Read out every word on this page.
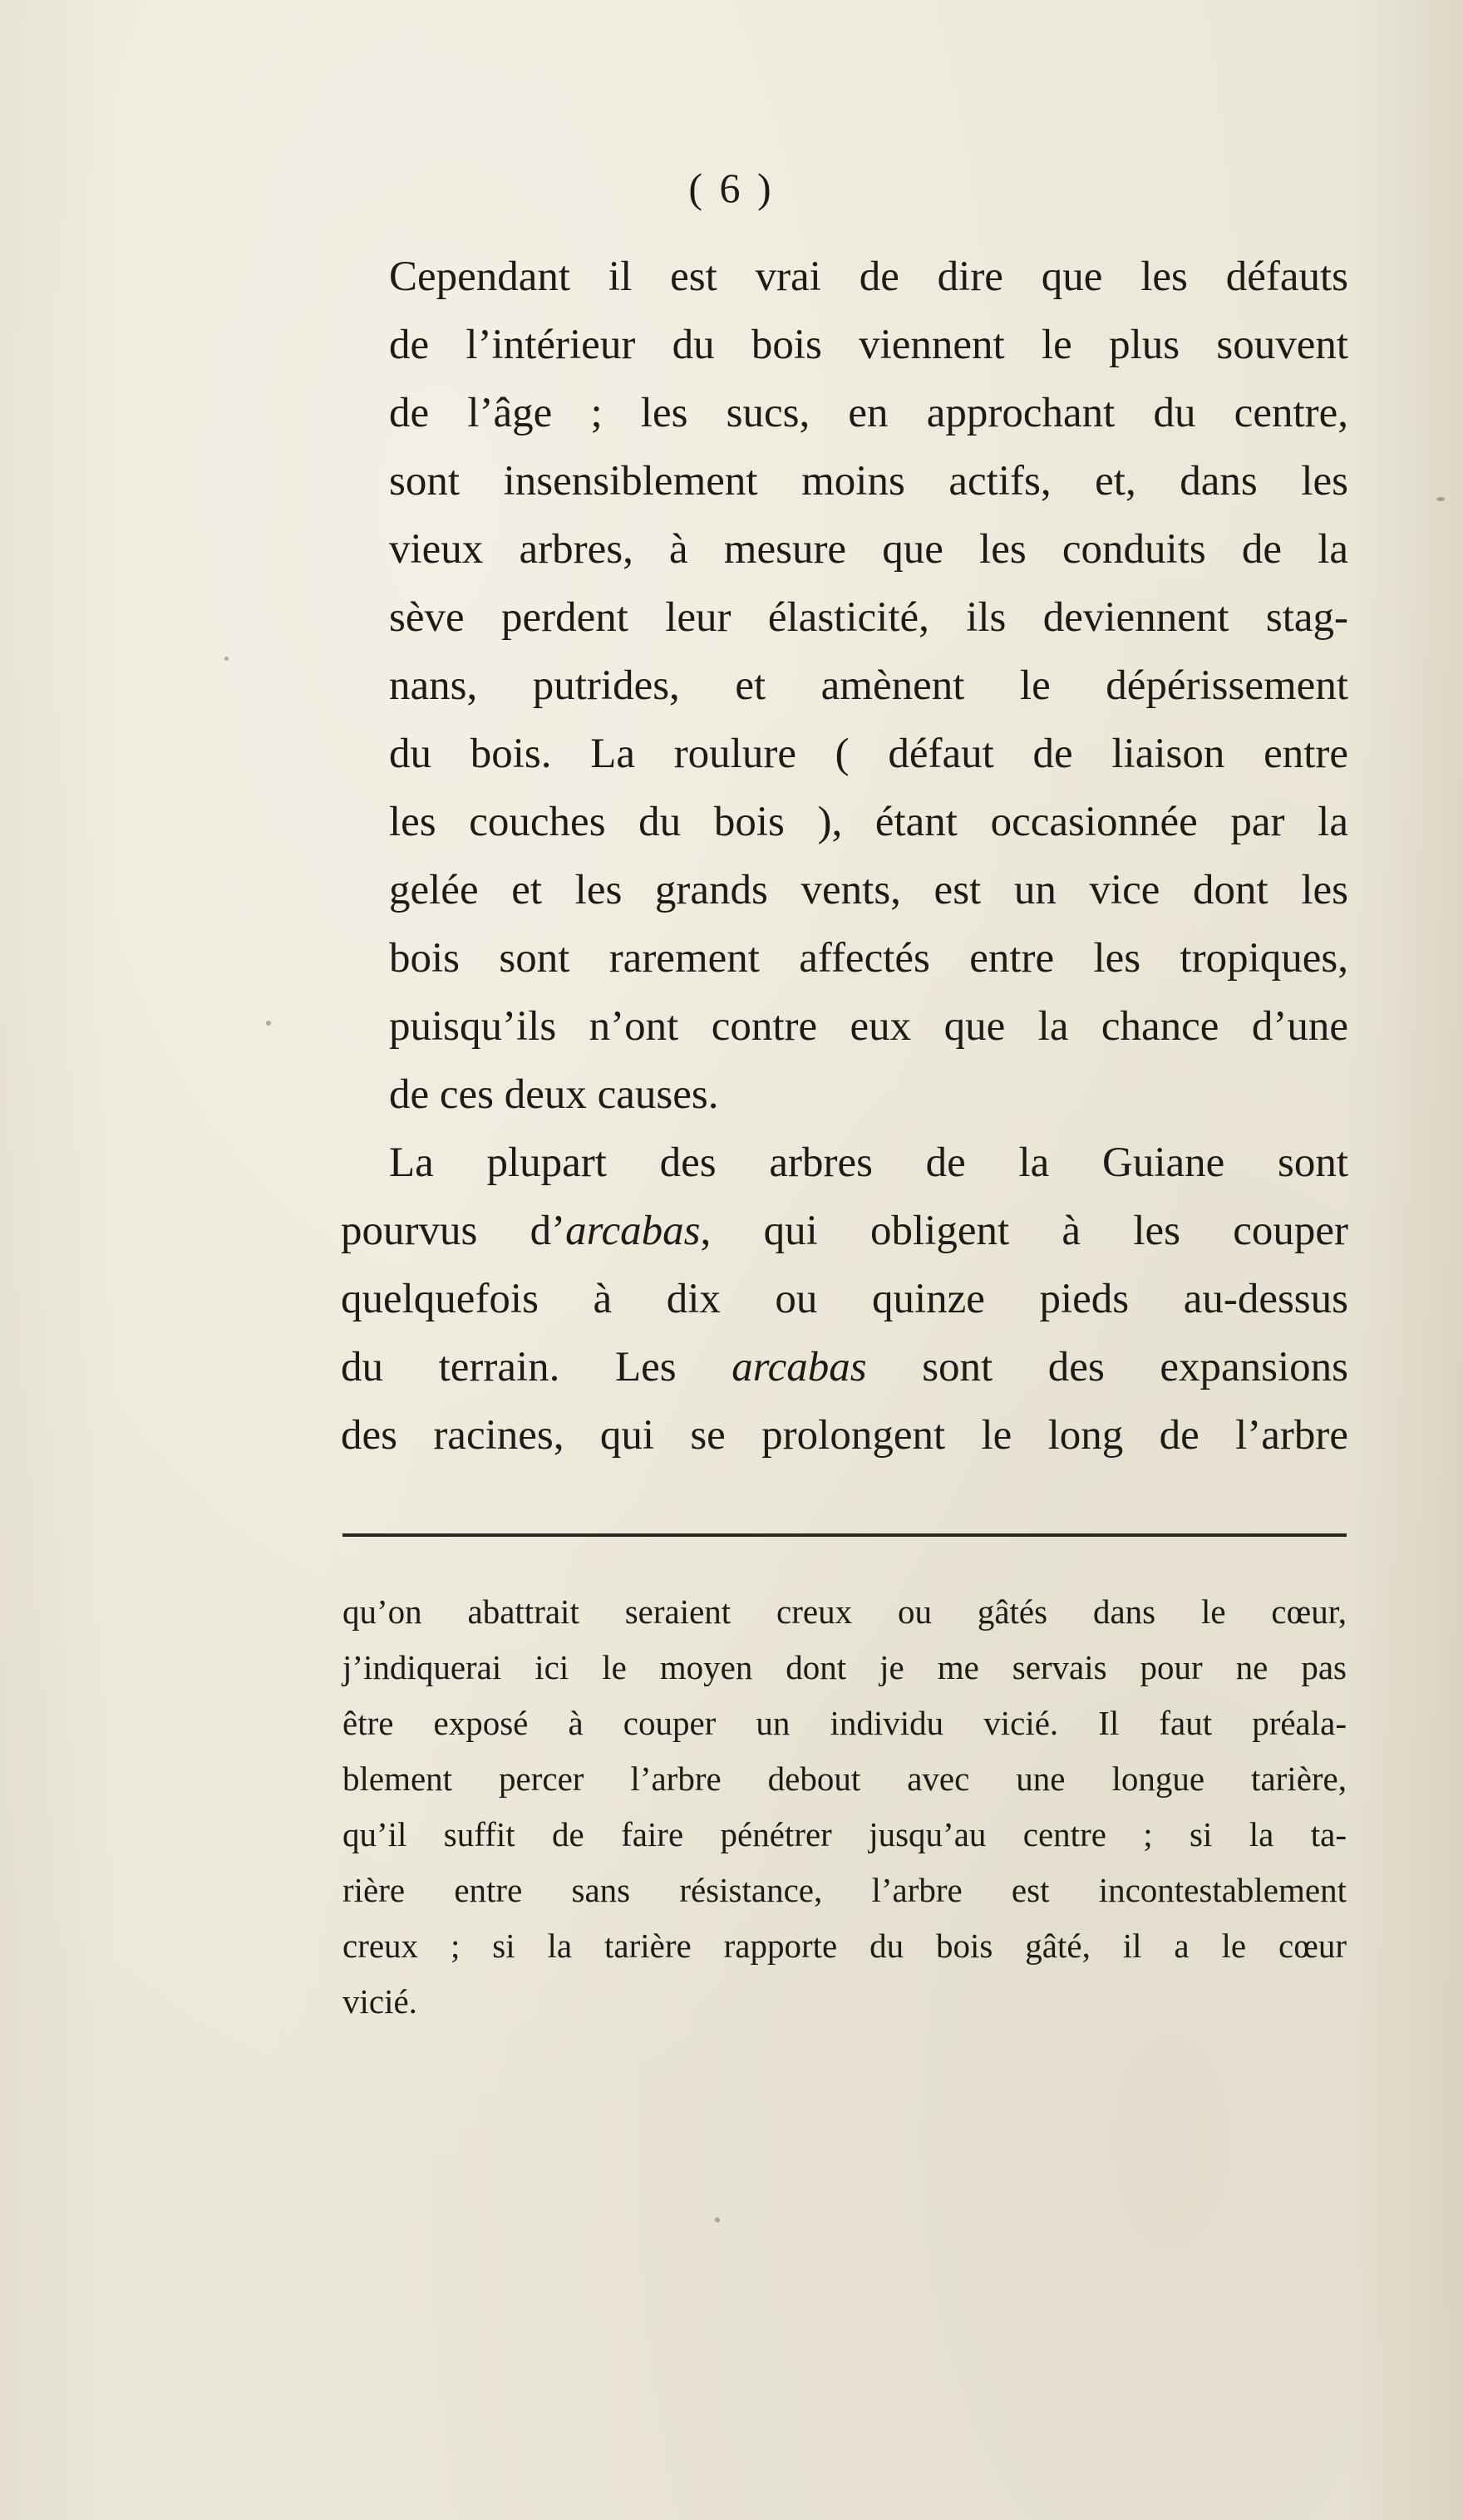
( 6 )

Cependant il est vrai de dire que les défauts
de l’intérieur du bois viennent le plus souvent
de l’âge ; les sucs, en approchant du centre,
sont insensiblement moins actifs, et, dans les
vieux arbres, à mesure que les conduits de la
sève perdent leur élasticité, ils deviennent stag-
nans, putrides, et amènent le dépérissement
du bois. La roulure ( défaut de liaison entre
les couches du bois ), étant occasionnée par la
gelée et les grands vents, est un vice dont les
bois sont rarement affectés entre les tropiques,
puisqu’ils n’ont contre eux que la chance d’une
de ces deux causes.

La plupart des arbres de la Guiane sont
pourvus d’arcabas, qui obligent à les couper
quelquefois à dix ou quinze pieds au-dessus
du terrain. Les arcabas sont des expansions
des racines, qui se prolongent le long de l’arbre

qu’on abattrait seraient creux ou gâtés dans le cœur,
j’indiquerai ici le moyen dont je me servais pour ne pas
être exposé à couper un individu vicié. Il faut préala-
blement percer l’arbre debout avec une longue tarière,
qu’il suffit de faire pénétrer jusqu’au centre ; si la ta-
rière entre sans résistance, l’arbre est incontestablement
creux ; si la tarière rapporte du bois gâté, il a le cœur
vicié.
